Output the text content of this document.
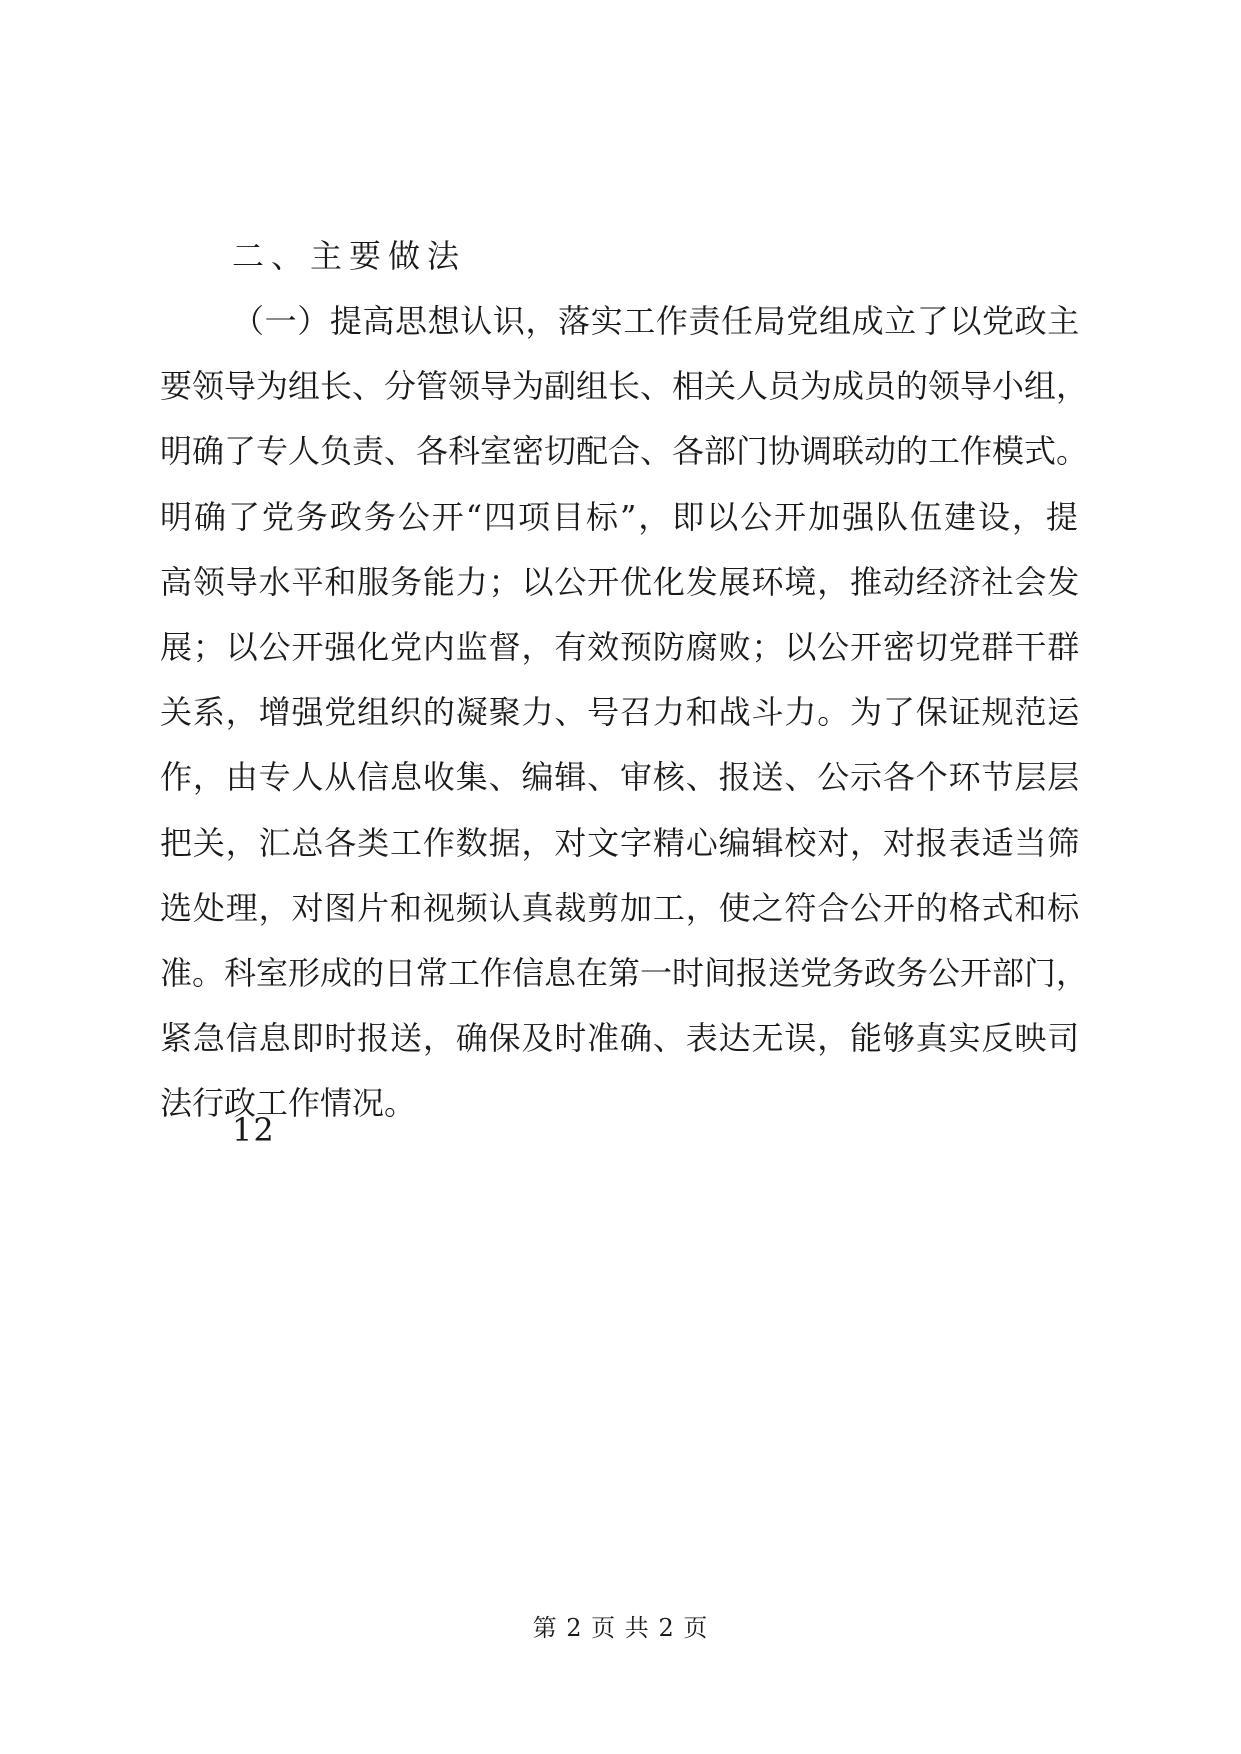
二、主要做法
（一）提高思想认识，落实工作责任局党组成立了以党政主
要领导为组长、分管领导为副组长、相关人员为成员的领导小组，
明确了专人负责、各科室密切配合、各部门协调联动的工作模式。
明确了党务政务公开“四项目标”，即以公开加强队伍建设，提
高领导水平和服务能力；以公开优化发展环境，推动经济社会发
展；以公开强化党内监督，有效预防腐败；以公开密切党群干群
关系，增强党组织的凝聚力、号召力和战斗力。为了保证规范运
作，由专人从信息收集、编辑、审核、报送、公示各个环节层层
把关，汇总各类工作数据，对文字精心编辑校对，对报表适当筛
选处理，对图片和视频认真裁剪加工，使之符合公开的格式和标
准。科室形成的日常工作信息在第一时间报送党务政务公开部门，
紧急信息即时报送，确保及时准确、表达无误，能够真实反映司
法行政工作情况。
12
第 2 页 共 2 页
